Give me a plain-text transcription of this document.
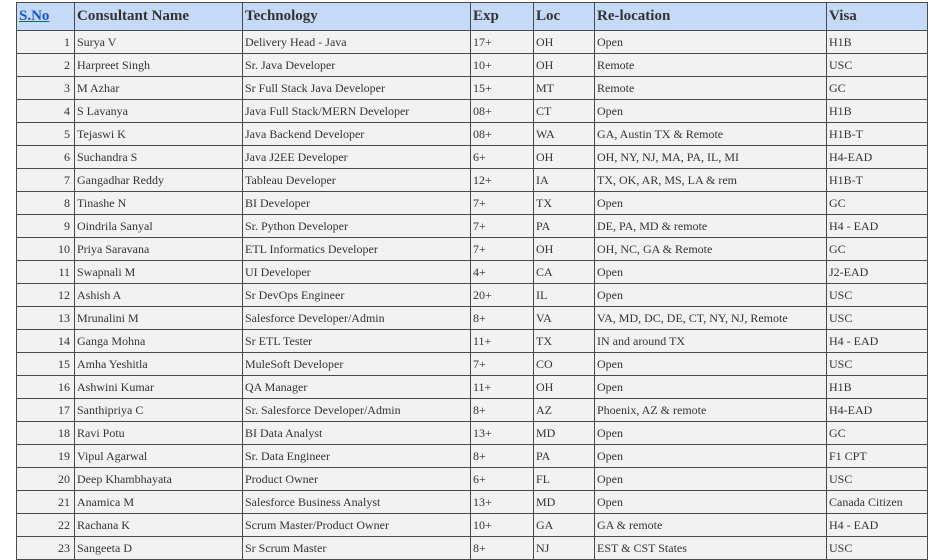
S.No	Consultant Name	Technology	Exp	Loc	Re-location	Visa
1	Surya V	Delivery Head - Java	17+	OH	Open	H1B
2	Harpreet Singh	Sr. Java Developer	10+	OH	Remote	USC
3	M Azhar	Sr Full Stack Java Developer	15+	MT	Remote	GC
4	S Lavanya	Java Full Stack/MERN Developer	08+	CT	Open	H1B
5	Tejaswi K	Java Backend Developer	08+	WA	GA, Austin TX & Remote	H1B-T
6	Suchandra S	Java J2EE Developer	6+	OH	OH, NY, NJ, MA, PA, IL, MI	H4-EAD
7	Gangadhar Reddy	Tableau Developer	12+	IA	TX, OK, AR, MS, LA & rem	H1B-T
8	Tinashe N	BI Developer	7+	TX	Open	GC
9	Oindrila Sanyal	Sr. Python Developer	7+	PA	DE, PA, MD & remote	H4 - EAD
10	Priya Saravana	ETL Informatics Developer	7+	OH	OH, NC, GA & Remote	GC
11	Swapnali M	UI Developer	4+	CA	Open	J2-EAD
12	Ashish A	Sr DevOps Engineer	20+	IL	Open	USC
13	Mrunalini M	Salesforce Developer/Admin	8+	VA	VA, MD, DC, DE, CT, NY, NJ, Remote	USC
14	Ganga Mohna	Sr ETL Tester	11+	TX	IN and around TX	H4 - EAD
15	Amha Yeshitla	MuleSoft Developer	7+	CO	Open	USC
16	Ashwini Kumar	QA Manager	11+	OH	Open	H1B
17	Santhipriya C	Sr. Salesforce Developer/Admin	8+	AZ	Phoenix, AZ & remote	H4-EAD
18	Ravi Potu	BI Data Analyst	13+	MD	Open	GC
19	Vipul Agarwal	Sr. Data Engineer	8+	PA	Open	F1 CPT
20	Deep Khambhayata	Product Owner	6+	FL	Open	USC
21	Anamica M	Salesforce Business Analyst	13+	MD	Open	Canada Citizen
22	Rachana K	Scrum Master/Product Owner	10+	GA	GA & remote	H4 - EAD
23	Sangeeta D	Sr Scrum Master	8+	NJ	EST & CST States	USC
